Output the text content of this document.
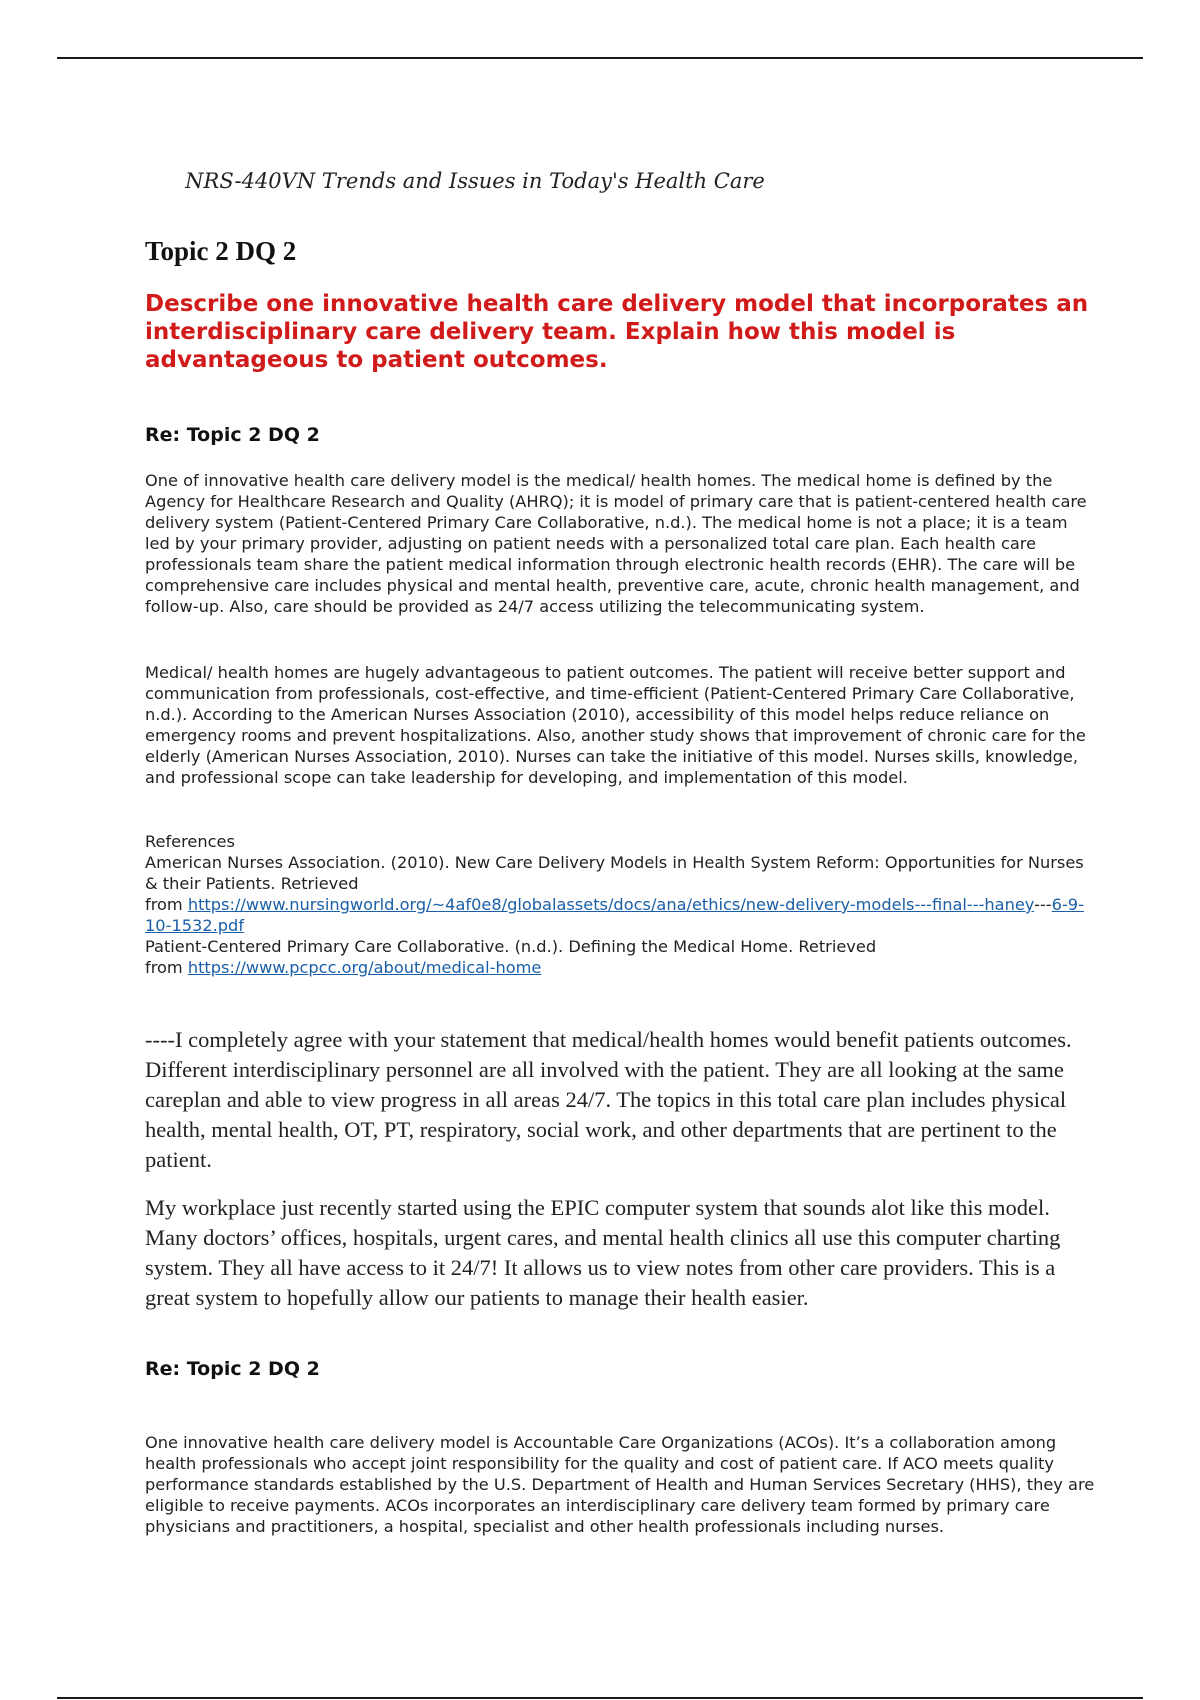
NRS-440VN Trends and Issues in Today's Health Care

Topic 2 DQ 2

Describe one innovative health care delivery model that incorporates an interdisciplinary care delivery team. Explain how this model is advantageous to patient outcomes.

Re: Topic 2 DQ 2

One of innovative health care delivery model is the medical/ health homes. The medical home is defined by the Agency for Healthcare Research and Quality (AHRQ); it is model of primary care that is patient-centered health care delivery system (Patient-Centered Primary Care Collaborative, n.d.). The medical home is not a place; it is a team led by your primary provider, adjusting on patient needs with a personalized total care plan. Each health care professionals team share the patient medical information through electronic health records (EHR). The care will be comprehensive care includes physical and mental health, preventive care, acute, chronic health management, and follow-up. Also, care should be provided as 24/7 access utilizing the telecommunicating system.

Medical/ health homes are hugely advantageous to patient outcomes. The patient will receive better support and communication from professionals, cost-effective, and time-efficient (Patient-Centered Primary Care Collaborative, n.d.). According to the American Nurses Association (2010), accessibility of this model helps reduce reliance on emergency rooms and prevent hospitalizations. Also, another study shows that improvement of chronic care for the elderly (American Nurses Association, 2010). Nurses can take the initiative of this model. Nurses skills, knowledge, and professional scope can take leadership for developing, and implementation of this model.

References
American Nurses Association. (2010). New Care Delivery Models in Health System Reform: Opportunities for Nurses & their Patients. Retrieved
from https://www.nursingworld.org/~4af0e8/globalassets/docs/ana/ethics/new-delivery-models---final---haney---6-9-10-1532.pdf
Patient-Centered Primary Care Collaborative. (n.d.). Defining the Medical Home. Retrieved
from https://www.pcpcc.org/about/medical-home

----I completely agree with your statement that medical/health homes would benefit patients outcomes. Different interdisciplinary personnel are all involved with the patient. They are all looking at the same careplan and able to view progress in all areas 24/7. The topics in this total care plan includes physical health, mental health, OT, PT, respiratory, social work, and other departments that are pertinent to the patient.

My workplace just recently started using the EPIC computer system that sounds alot like this model. Many doctors’ offices, hospitals, urgent cares, and mental health clinics all use this computer charting system. They all have access to it 24/7! It allows us to view notes from other care providers. This is a great system to hopefully allow our patients to manage their health easier.

Re: Topic 2 DQ 2

One innovative health care delivery model is Accountable Care Organizations (ACOs). It’s a collaboration among health professionals who accept joint responsibility for the quality and cost of patient care. If ACO meets quality performance standards established by the U.S. Department of Health and Human Services Secretary (HHS), they are eligible to receive payments. ACOs incorporates an interdisciplinary care delivery team formed by primary care physicians and practitioners, a hospital, specialist and other health professionals including nurses.
